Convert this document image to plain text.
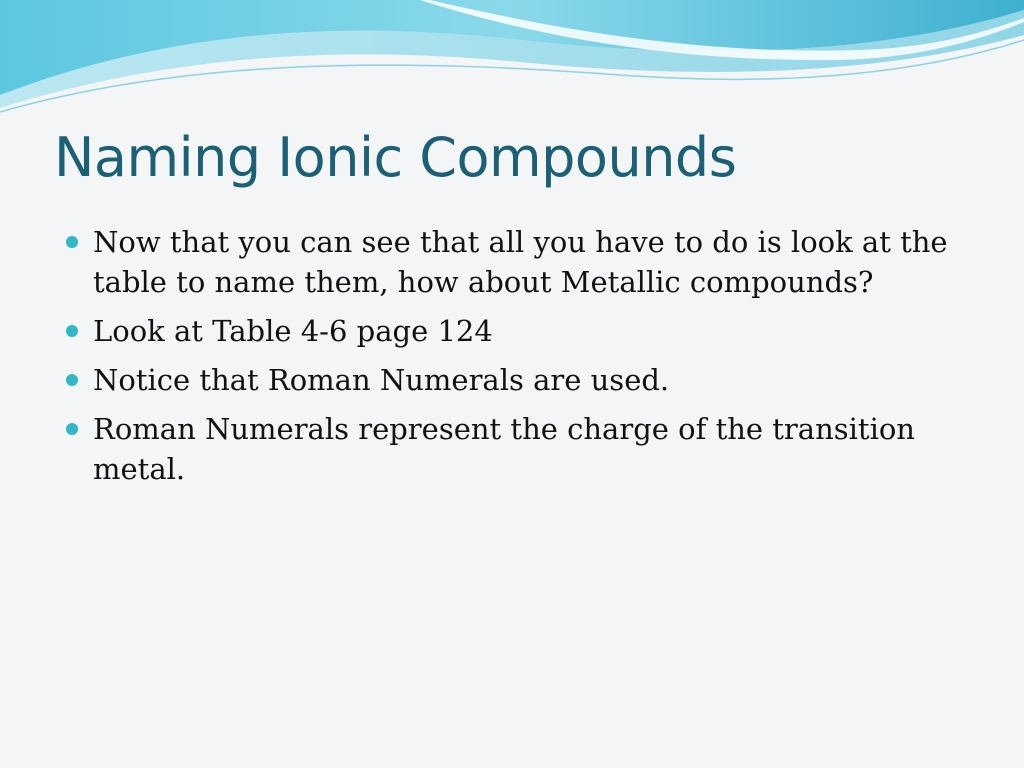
Naming Ionic Compounds
Now that you can see that all you have to do is look at the table to name them, how about Metallic compounds?
Look at Table 4-6 page 124
Notice that Roman Numerals are used.
Roman Numerals represent the charge of the transition metal.
